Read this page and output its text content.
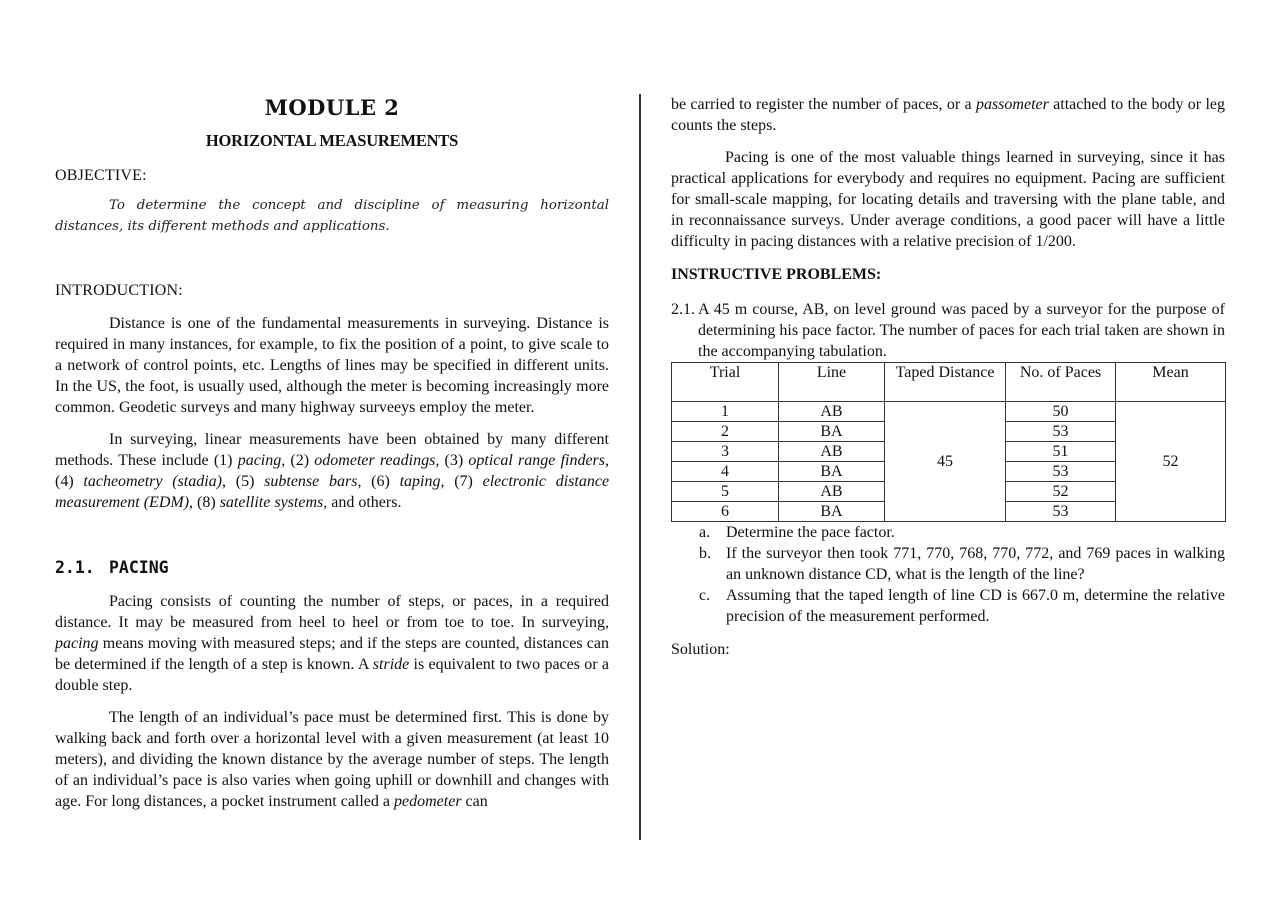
MODULE 2
HORIZONTAL MEASUREMENTS

OBJECTIVE:

To determine the concept and discipline of measuring horizontal distances, its different methods and applications.

INTRODUCTION:

Distance is one of the fundamental measurements in surveying. Distance is required in many instances, for example, to fix the position of a point, to give scale to a network of control points, etc. Lengths of lines may be specified in different units. In the US, the foot, is usually used, although the meter is becoming increasingly more common. Geodetic surveys and many highway surveeys employ the meter.

In surveying, linear measurements have been obtained by many different methods. These include (1) pacing, (2) odometer readings, (3) optical range finders, (4) tacheometry (stadia), (5) subtense bars, (6) taping, (7) electronic distance measurement (EDM), (8) satellite systems, and others.

2.1. PACING

Pacing consists of counting the number of steps, or paces, in a required distance. It may be measured from heel to heel or from toe to toe. In surveying, pacing means moving with measured steps; and if the steps are counted, distances can be determined if the length of a step is known. A stride is equivalent to two paces or a double step.

The length of an individual’s pace must be determined first. This is done by walking back and forth over a horizontal level with a given measurement (at least 10 meters), and dividing the known distance by the average number of steps. The length of an individual’s pace is also varies when going uphill or downhill and changes with age. For long distances, a pocket instrument called a pedometer can

be carried to register the number of paces, or a passometer attached to the body or leg counts the steps.

Pacing is one of the most valuable things learned in surveying, since it has practical applications for everybody and requires no equipment. Pacing are sufficient for small-scale mapping, for locating details and traversing with the plane table, and in reconnaissance surveys. Under average conditions, a good pacer will have a little difficulty in pacing distances with a relative precision of 1/200.

INSTRUCTIVE PROBLEMS:

2.1. A 45 m course, AB, on level ground was paced by a surveyor for the purpose of determining his pace factor. The number of paces for each trial taken are shown in the accompanying tabulation.

Trial	Line	Taped Distance	No. of Paces	Mean
1	AB	45	50	52
2	BA		53	
3	AB		51	
4	BA		53	
5	AB		52	
6	BA		53	
a. Determine the pace factor.
b. If the surveyor then took 771, 770, 768, 770, 772, and 769 paces in walking an unknown distance CD, what is the length of the line?
c. Assuming that the taped length of line CD is 667.0 m, determine the relative precision of the measurement performed.

Solution:
